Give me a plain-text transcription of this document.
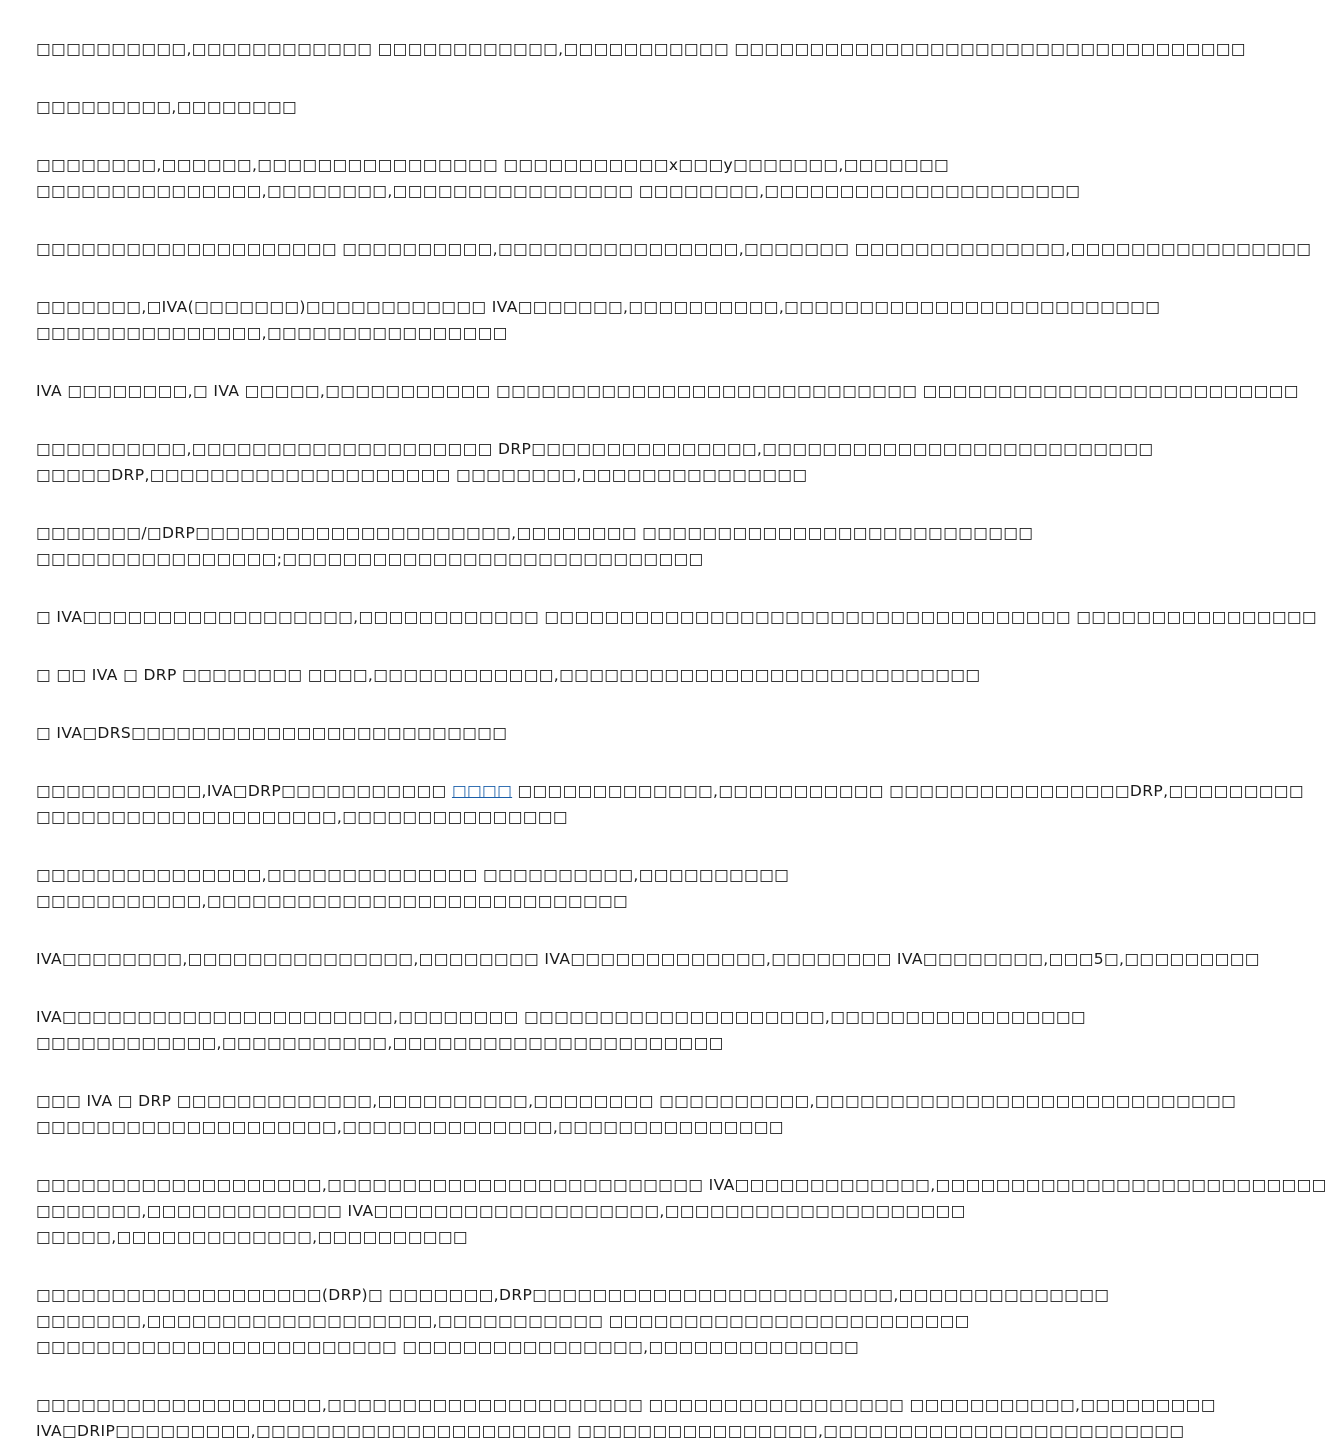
□□□□□□□□□□,□□□□□□□□□□□□ □□□□□□□□□□□□,□□□□□□□□□□□ □□□□□□□□□□□□□□□□□□□□□□□□□□□□□□□□□□

□□□□□□□□□,□□□□□□□□

□□□□□□□□,□□□□□□,□□□□□□□□□□□□□□□□ □□□□□□□□□□□x□□□y□□□□□□□,□□□□□□□
□□□□□□□□□□□□□□□,□□□□□□□□,□□□□□□□□□□□□□□□□ □□□□□□□□,□□□□□□□□□□□□□□□□□□□□□

□□□□□□□□□□□□□□□□□□□□ □□□□□□□□□□,□□□□□□□□□□□□□□□□,□□□□□□□ □□□□□□□□□□□□□□,□□□□□□□□□□□□□□□□

□□□□□□□,□IVA(□□□□□□□)□□□□□□□□□□□□ IVA□□□□□□□,□□□□□□□□□□,□□□□□□□□□□□□□□□□□□□□□□□□□
□□□□□□□□□□□□□□□,□□□□□□□□□□□□□□□□

IVA □□□□□□□□,□ IVA □□□□□,□□□□□□□□□□□ □□□□□□□□□□□□□□□□□□□□□□□□□□□□ □□□□□□□□□□□□□□□□□□□□□□□□□

□□□□□□□□□□,□□□□□□□□□□□□□□□□□□□□ DRP□□□□□□□□□□□□□□□,□□□□□□□□□□□□□□□□□□□□□□□□□□
□□□□□DRP,□□□□□□□□□□□□□□□□□□□□ □□□□□□□□,□□□□□□□□□□□□□□□

□□□□□□□/□DRP□□□□□□□□□□□□□□□□□□□□□,□□□□□□□□ □□□□□□□□□□□□□□□□□□□□□□□□□□
□□□□□□□□□□□□□□□□;□□□□□□□□□□□□□□□□□□□□□□□□□□□□

□ IVA□□□□□□□□□□□□□□□□□□,□□□□□□□□□□□□ □□□□□□□□□□□□□□□□□□□□□□□□□□□□□□□□□□□ □□□□□□□□□□□□□□□□

□ □□ IVA □ DRP □□□□□□□□ □□□□,□□□□□□□□□□□□,□□□□□□□□□□□□□□□□□□□□□□□□□□□□

□ IVA□DRS□□□□□□□□□□□□□□□□□□□□□□□□□

□□□□□□□□□□□,IVA□DRP□□□□□□□□□□□ □□□□ □□□□□□□□□□□□□,□□□□□□□□□□□ □□□□□□□□□□□□□□□□DRP,□□□□□□□□□
□□□□□□□□□□□□□□□□□□□□,□□□□□□□□□□□□□□□

□□□□□□□□□□□□□□□,□□□□□□□□□□□□□□ □□□□□□□□□□,□□□□□□□□□□
□□□□□□□□□□□,□□□□□□□□□□□□□□□□□□□□□□□□□□□□

IVA□□□□□□□□,□□□□□□□□□□□□□□□,□□□□□□□□ IVA□□□□□□□□□□□□□,□□□□□□□□ IVA□□□□□□□□,□□□5□,□□□□□□□□□

IVA□□□□□□□□□□□□□□□□□□□□□□,□□□□□□□□ □□□□□□□□□□□□□□□□□□□□,□□□□□□□□□□□□□□□□□
□□□□□□□□□□□□,□□□□□□□□□□□,□□□□□□□□□□□□□□□□□□□□□□

□□□ IVA □ DRP □□□□□□□□□□□□□,□□□□□□□□□□,□□□□□□□□ □□□□□□□□□□,□□□□□□□□□□□□□□□□□□□□□□□□□□□□
□□□□□□□□□□□□□□□□□□□□,□□□□□□□□□□□□□□,□□□□□□□□□□□□□□□

□□□□□□□□□□□□□□□□□□□,□□□□□□□□□□□□□□□□□□□□□□□□□ IVA□□□□□□□□□□□□□,□□□□□□□□□□□□□□□□□□□□□□□□□□
□□□□□□□,□□□□□□□□□□□□□ IVA□□□□□□□□□□□□□□□□□□□,□□□□□□□□□□□□□□□□□□□□
□□□□□,□□□□□□□□□□□□□,□□□□□□□□□□

□□□□□□□□□□□□□□□□□□□(DRP)□ □□□□□□□,DRP□□□□□□□□□□□□□□□□□□□□□□□□,□□□□□□□□□□□□□□
□□□□□□□,□□□□□□□□□□□□□□□□□□□,□□□□□□□□□□□ □□□□□□□□□□□□□□□□□□□□□□□□
□□□□□□□□□□□□□□□□□□□□□□□□ □□□□□□□□□□□□□□□□,□□□□□□□□□□□□□□

□□□□□□□□□□□□□□□□□□□,□□□□□□□□□□□□□□□□□□□□□ □□□□□□□□□□□□□□□□□ □□□□□□□□□□□,□□□□□□□□□
IVA□DRIP□□□□□□□□□,□□□□□□□□□□□□□□□□□□□□□ □□□□□□□□□□□□□□□□,□□□□□□□□□□□□□□□□□□□□□□□□
